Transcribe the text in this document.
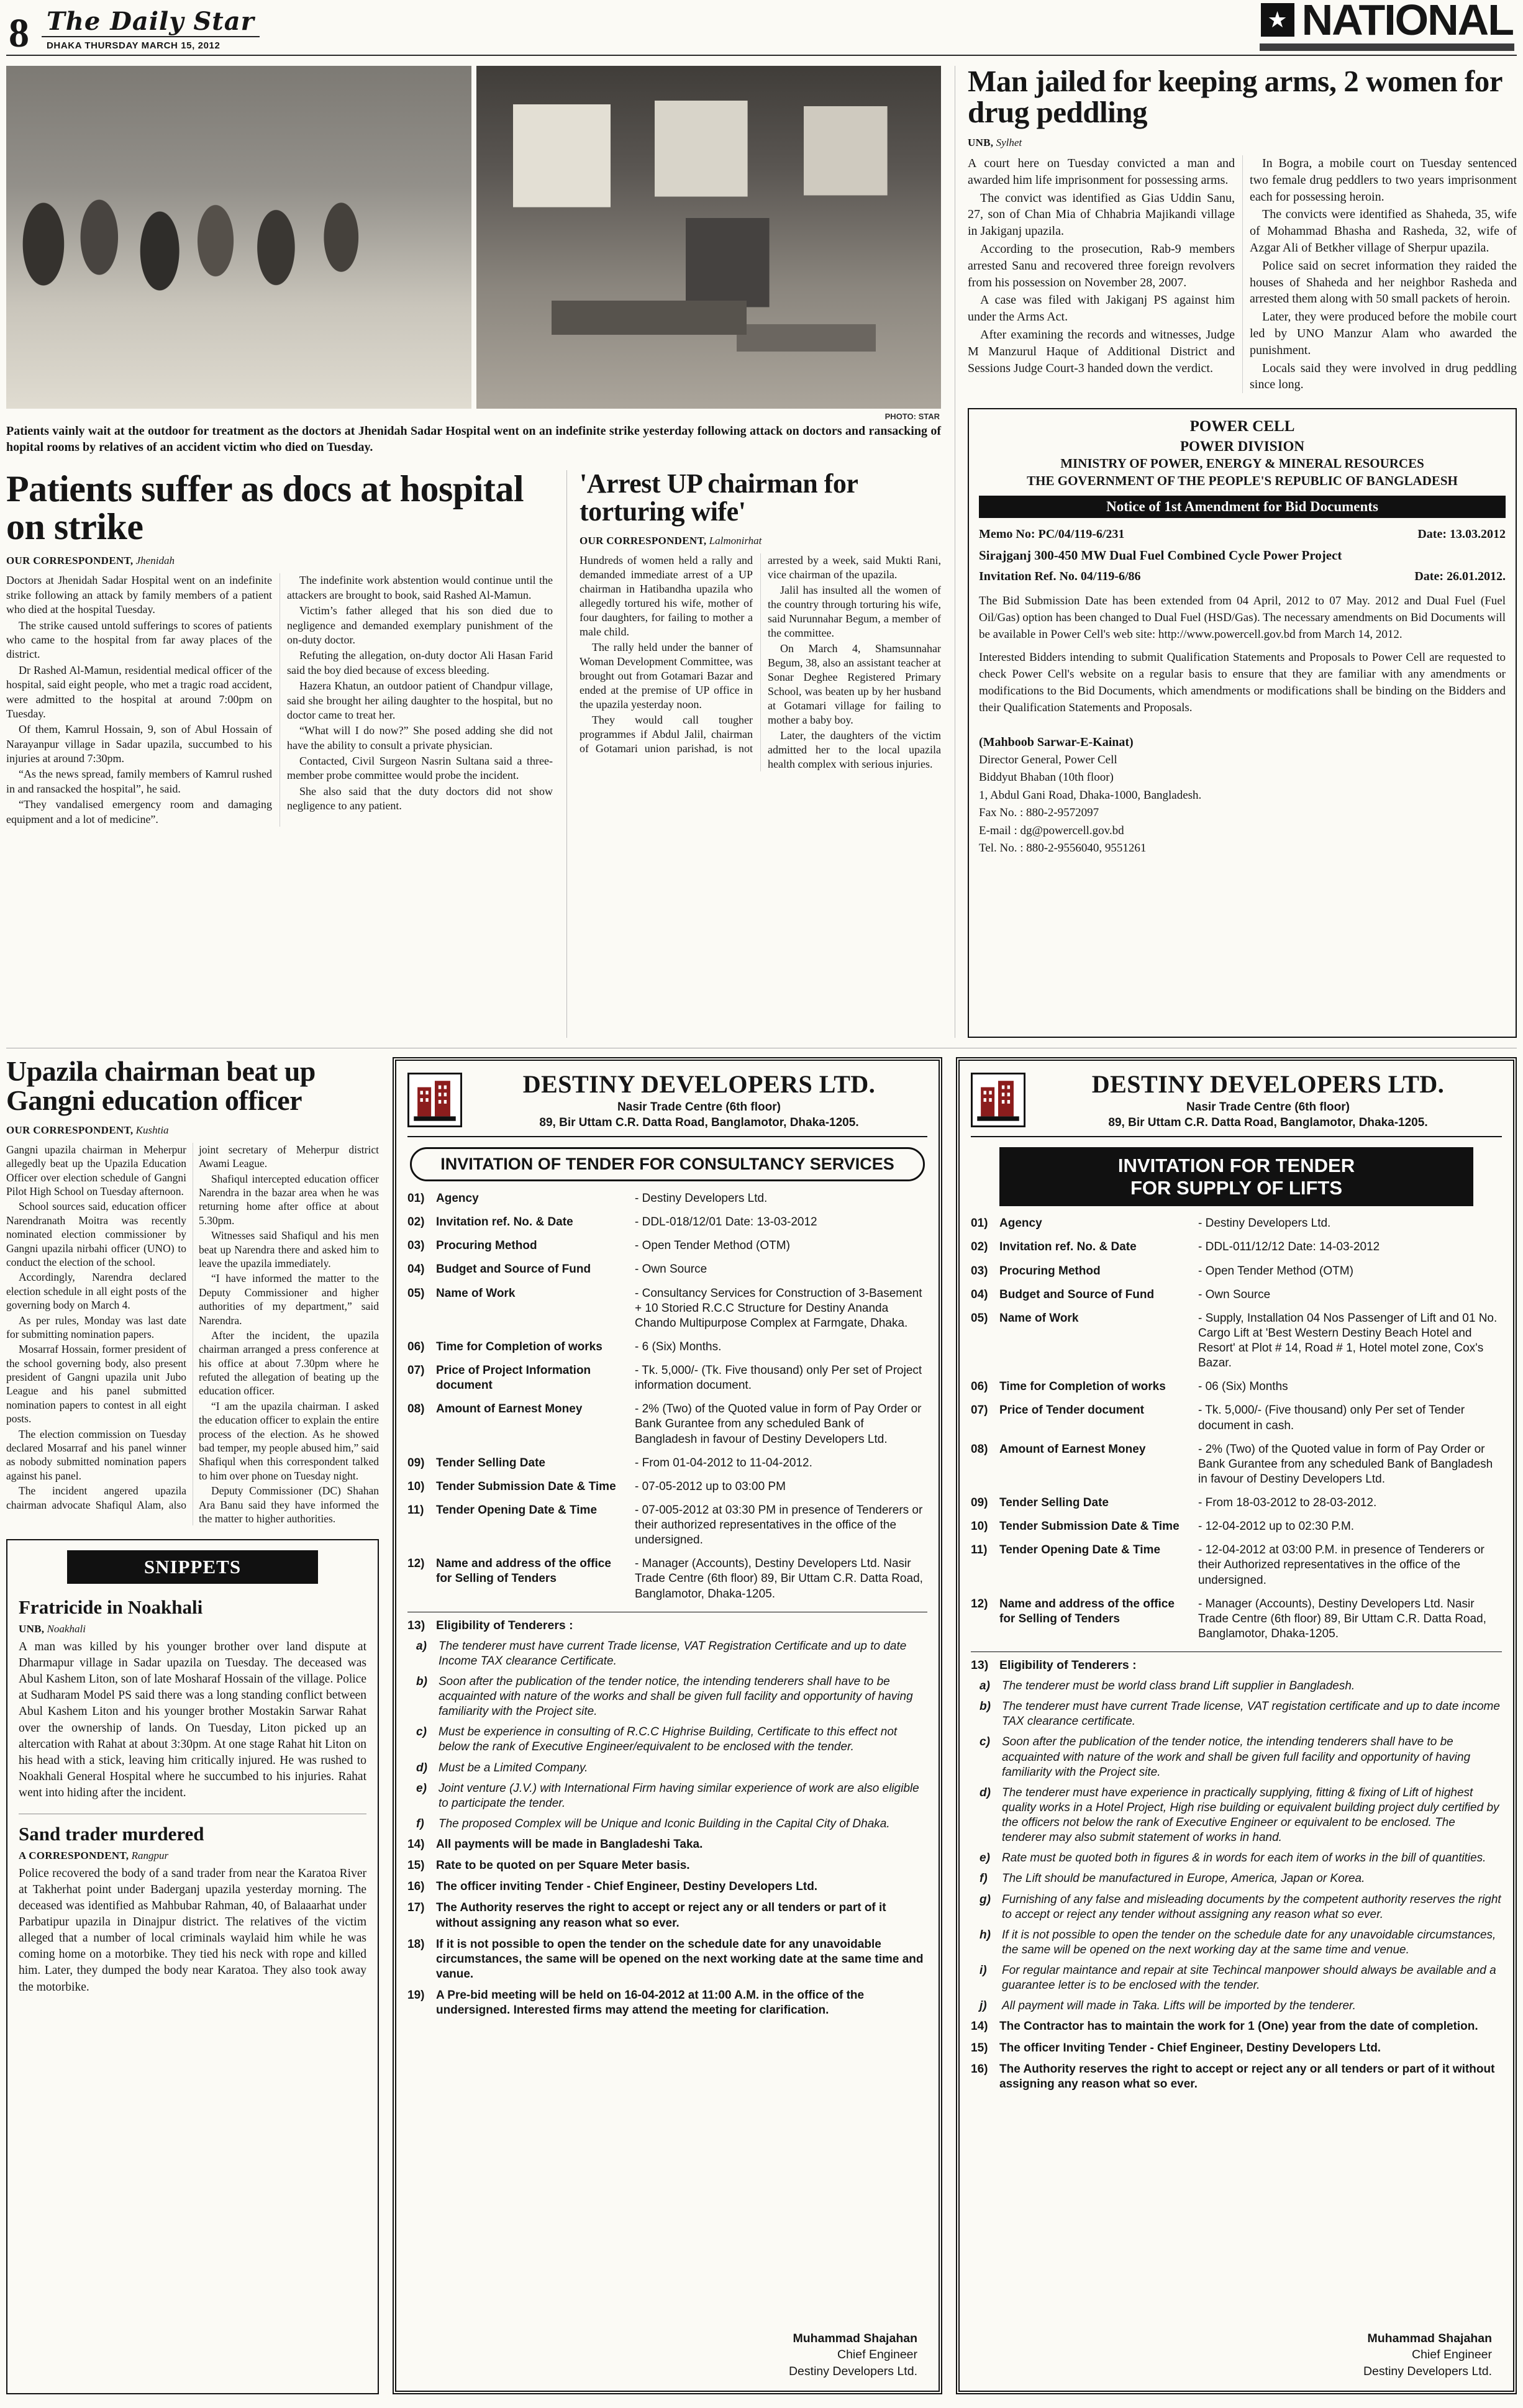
8 The Daily Star
DHAKA THURSDAY MARCH 15, 2012
★ NATIONAL
PHOTO: STAR

Patients vainly wait at the outdoor for treatment as the doctors at Jhenidah Sadar Hospital went on an indefinite strike yesterday following attack on doctors and ransacking of hopital rooms by relatives of an accident victim who died on Tuesday.

Patients suffer as docs at hospital on strike
OUR CORRESPONDENT, Jhenidah

Doctors at Jhenidah Sadar Hospital went on an indefinite strike following an attack by family members of a patient who died at the hospital Tuesday.

The strike caused untold sufferings to scores of patients who came to the hospital from far away places of the district.

Dr Rashed Al-Mamun, residential medical officer of the hospital, said eight people, who met a tragic road accident, were admitted to the hospital at around 7:00pm on Tuesday.

Of them, Kamrul Hossain, 9, son of Abul Hossain of Narayanpur village in Sadar upazila, succumbed to his injuries at around 7:30pm.

“As the news spread, family members of Kamrul rushed in and ransacked the hospital”, he said.

“They vandalised emergency room and damaging equipment and a lot of medicine”.

The indefinite work abstention would continue until the attackers are brought to book, said Rashed Al-Mamun.

Victim’s father alleged that his son died due to negligence and demanded exemplary punishment of the on-duty doctor.

Refuting the allegation, on-duty doctor Ali Hasan Farid said the boy died because of excess bleeding.

Hazera Khatun, an outdoor patient of Chandpur village, said she brought her ailing daughter to the hospital, but no doctor came to treat her.

“What will I do now?” She posed adding she did not have the ability to consult a private physician.

Contacted, Civil Surgeon Nasrin Sultana said a three-member probe committee would probe the incident.

She also said that the duty doctors did not show negligence to any patient.

'Arrest UP chairman for torturing wife'
OUR CORRESPONDENT, Lalmonirhat

Hundreds of women held a rally and demanded immediate arrest of a UP chairman in Hatibandha upazila who allegedly tortured his wife, mother of four daughters, for failing to mother a male child.

The rally held under the banner of Woman Development Committee, was brought out from Gotamari Bazar and ended at the premise of UP office in the upazila yesterday noon.

They would call tougher programmes if Abdul Jalil, chairman of Gotamari union parishad, is not arrested by a week, said Mukti Rani, vice chairman of the upazila.

Jalil has insulted all the women of the country through torturing his wife, said Nurunnahar Begum, a member of the committee.

On March 4, Shamsunnahar Begum, 38, also an assistant teacher at Sonar Deghee Registered Primary School, was beaten up by her husband at Gotamari village for failing to mother a baby boy.

Later, the daughters of the victim admitted her to the local upazila health complex with serious injuries.

Man jailed for keeping arms, 2 women for drug peddling
UNB, Sylhet

A court here on Tuesday convicted a man and awarded him life imprisonment for possessing arms.

The convict was identified as Gias Uddin Sanu, 27, son of Chan Mia of Chhabria Majikandi village in Jakiganj upazila.

According to the prosecution, Rab-9 members arrested Sanu and recovered three foreign revolvers from his possession on November 28, 2007.

A case was filed with Jakiganj PS against him under the Arms Act.

After examining the records and witnesses, Judge M Manzurul Haque of Additional District and Sessions Judge Court-3 handed down the verdict.

In Bogra, a mobile court on Tuesday sentenced two female drug peddlers to two years imprisonment each for possessing heroin.

The convicts were identified as Shaheda, 35, wife of Mohammad Bhasha and Rasheda, 32, wife of Azgar Ali of Betkher village of Sherpur upazila.

Police said on secret information they raided the houses of Shaheda and her neighbor Rasheda and arrested them along with 50 small packets of heroin.

Later, they were produced before the mobile court led by UNO Manzur Alam who awarded the punishment.

Locals said they were involved in drug peddling since long.

POWER CELL
POWER DIVISION
MINISTRY OF POWER, ENERGY & MINERAL RESOURCES
THE GOVERNMENT OF THE PEOPLE'S REPUBLIC OF BANGLADESH
Notice of 1st Amendment for Bid Documents
Memo No: PC/04/119-6/231	Date: 13.03.2012
Sirajganj 300-450 MW Dual Fuel Combined Cycle Power Project
Invitation Ref. No. 04/119-6/86	Date: 26.01.2012.

The Bid Submission Date has been extended from 04 April, 2012 to 07 May. 2012 and Dual Fuel (Fuel Oil/Gas) option has been changed to Dual Fuel (HSD/Gas). The necessary amendments on Bid Documents will be available in Power Cell's web site: http://www.powercell.gov.bd from March 14, 2012.

Interested Bidders intending to submit Qualification Statements and Proposals to Power Cell are requested to check Power Cell's website on a regular basis to ensure that they are familiar with any amendments or modifications to the Bid Documents, which amendments or modifications shall be binding on the Bidders and their Qualification Statements and Proposals.

(Mahboob Sarwar-E-Kainat)
Director General, Power Cell
Biddyut Bhaban (10th floor)
1, Abdul Gani Road, Dhaka-1000, Bangladesh.
Fax No. : 880-2-9572097
E-mail : dg@powercell.gov.bd
Tel. No. : 880-2-9556040, 9551261
Upazila chairman beat up Gangni education officer
OUR CORRESPONDENT, Kushtia

Gangni upazila chairman in Meherpur allegedly beat up the Upazila Education Officer over election schedule of Gangni Pilot High School on Tuesday afternoon.

School sources said, education officer Narendranath Moitra was recently nominated election commissioner by Gangni upazila nirbahi officer (UNO) to conduct the election of the school.

Accordingly, Narendra declared election schedule in all eight posts of the governing body on March 4.

As per rules, Monday was last date for submitting nomination papers.

Mosarraf Hossain, former president of the school governing body, also present president of Gangni upazila unit Jubo League and his panel submitted nomination papers to contest in all eight posts.

The election commission on Tuesday declared Mosarraf and his panel winner as nobody submitted nomination papers against his panel.

The incident angered upazila chairman advocate Shafiqul Alam, also joint secretary of Meherpur district Awami League.

Shafiqul intercepted education officer Narendra in the bazar area when he was returning home after office at about 5.30pm.

Witnesses said Shafiqul and his men beat up Narendra there and asked him to leave the upazila immediately.

“I have informed the matter to the Deputy Commissioner and higher authorities of my department,” said Narendra.

After the incident, the upazila chairman arranged a press conference at his office at about 7.30pm where he refuted the allegation of beating up the education officer.

“I am the upazila chairman. I asked the education officer to explain the entire process of the election. As he showed bad temper, my people abused him,” said Shafiqul when this correspondent talked to him over phone on Tuesday night.

Deputy Commissioner (DC) Shahan Ara Banu said they have informed the the matter to higher authorities.

SNIPPETS
Fratricide in Noakhali
UNB, Noakhali

A man was killed by his younger brother over land dispute at Dharmapur village in Sadar upazila on Tuesday. The deceased was Abul Kashem Liton, son of late Mosharaf Hossain of the village. Police at Sudharam Model PS said there was a long standing conflict between Abul Kashem Liton and his younger brother Mostakin Sarwar Rahat over the ownership of lands. On Tuesday, Liton picked up an altercation with Rahat at about 3:30pm. At one stage Rahat hit Liton on his head with a stick, leaving him critically injured. He was rushed to Noakhali General Hospital where he succumbed to his injuries. Rahat went into hiding after the incident.

Sand trader murdered
A CORRESPONDENT, Rangpur

Police recovered the body of a sand trader from near the Karatoa River at Takherhat point under Baderganj upazila yesterday morning. The deceased was identified as Mahbubar Rahman, 40, of Balaaarhat under Parbatipur upazila in Dinajpur district. The relatives of the victim alleged that a number of local criminals waylaid him while he was coming home on a motorbike. They tied his neck with rope and killed him. Later, they dumped the body near Karatoa. They also took away the motorbike.

DESTINY DEVELOPERS LTD.
Nasir Trade Centre (6th floor)
89, Bir Uttam C.R. Datta Road, Banglamotor, Dhaka-1205.
INVITATION OF TENDER FOR CONSULTANCY SERVICES
01) Agency	- Destiny Developers Ltd.
02) Invitation ref. No. & Date	- DDL-018/12/01 Date: 13-03-2012
03) Procuring Method	- Open Tender Method (OTM)
04) Budget and Source of Fund	- Own Source
05) Name of Work	- Consultancy Services for Construction of 3-Basement + 10 Storied R.C.C Structure for Destiny Ananda Chando Multipurpose Complex at Farmgate, Dhaka.
06) Time for Completion of works	- 6 (Six) Months.
07) Price of Project Information document
- Tk. 5,000/- (Tk. Five thousand) only Per set of Project information document.
08) Amount of Earnest Money	- 2% (Two) of the Quoted value in form of Pay Order or Bank Gurantee from any scheduled Bank of Bangladesh in favour of Destiny Developers Ltd.
09) Tender Selling Date	- From 01-04-2012 to 11-04-2012.
10) Tender Submission Date & Time	- 07-05-2012 up to 03:00 PM
11)	Tender Opening Date & Time	- 07-005-2012 at 03:30 PM in presence of Tenderers or their authorized representatives in the office of the undersigned.
12) Name and address of the office for Selling of Tenders
- Manager (Accounts), Destiny Developers Ltd. Nasir Trade Centre (6th floor) 89, Bir Uttam C.R. Datta Road, Banglamotor, Dhaka-1205.
13) Eligibility of Tenderers :
a)	The tenderer must have current Trade license, VAT Registration Certificate and up to date Income TAX clearance Certificate.
b) Soon after the publication of the tender notice, the intending tenderers shall have to be acquainted with nature of the works and shall be given full facility and opportunity of having familiarity with the Project site.
c)	Must be experience in consulting of R.C.C Highrise Building, Certificate to this effect not below the rank of Executive Engineer/equivalent to be enclosed with the tender.
d) Must be a Limited Company.
e)	Joint venture (J.V.) with International Firm having similar experience of work are also eligible to participate the tender.
f)	The proposed Complex will be Unique and Iconic Building in the Capital City of Dhaka.
14) All payments will be made in Bangladeshi Taka.
15) Rate to be quoted on per Square Meter basis.
16) The officer inviting Tender - Chief Engineer, Destiny Developers Ltd.
17) The Authority reserves the right to accept or reject any or all tenders or part of it without assigning any reason what so ever.
18) If it is not possible to open the tender on the schedule date for any unavoidable circumstances, the same will be opened on the next working date at the same time and vanue.
19) A Pre-bid meeting will be held on 16-04-2012 at 11:00 A.M. in the office of the undersigned. Interested firms may attend the meeting for clarification.
Muhammad Shajahan
Chief Engineer
Destiny Developers Ltd.
DESTINY DEVELOPERS LTD.
Nasir Trade Centre (6th floor)
89, Bir Uttam C.R. Datta Road, Banglamotor, Dhaka-1205.
INVITATION FOR TENDER
FOR SUPPLY OF LIFTS
01) Agency	- Destiny Developers Ltd.
02) Invitation ref. No. & Date	- DDL-011/12/12 Date: 14-03-2012
03) Procuring Method	- Open Tender Method (OTM)
04) Budget and Source of Fund	- Own Source
05) Name of Work	- Supply, Installation 04 Nos Passenger of Lift and 01 No. Cargo Lift at 'Best Western Destiny Beach Hotel and Resort' at Plot # 14, Road # 1, Hotel motel zone, Cox's Bazar.
06) Time for Completion of works	- 06 (Six) Months
07) Price of Tender document	- Tk. 5,000/- (Five thousand) only Per set of Tender document in cash.
08) Amount of Earnest Money	- 2% (Two) of the Quoted value in form of Pay Order or Bank Gurantee from any scheduled Bank of Bangladesh in favour of Destiny Developers Ltd.
09) Tender Selling Date	- From 18-03-2012 to 28-03-2012.
10) Tender Submission Date & Time	- 12-04-2012 up to 02:30 P.M.
11)	Tender Opening Date & Time	- 12-04-2012 at 03:00 P.M. in presence of Tenderers or their Authorized representatives in the office of the undersigned.
12) Name and address of the office for Selling of Tenders
- Manager (Accounts), Destiny Developers Ltd. Nasir Trade Centre (6th floor) 89, Bir Uttam C.R. Datta Road, Banglamotor, Dhaka-1205.
13) Eligibility of Tenderers :
a)	The tenderer must be world class brand Lift supplier in Bangladesh.
b) The tenderer must have current Trade license, VAT registation certificate and up to date income TAX clearance certificate.
c)	Soon after the publication of the tender notice, the intending tenderers shall have to be acquainted with nature of the work and shall be given full facility and opportunity of having familiarity with the Project site.
d) The tenderer must have experience in practically supplying, fitting & fixing of Lift of highest quality works in a Hotel Project, High rise building or equivalent building project duly certified by the officers not below the rank of Executive Engineer or equivalent to be enclosed. The tenderer may also submit statement of works in hand.
e)	Rate must be quoted both in figures & in words for each item of works in the bill of quantities.
f)	The Lift should be manufactured in Europe, America, Japan or Korea.
g) Furnishing of any false and misleading documents by the competent authority reserves the right to accept or reject any tender without assigning any reason what so ever.
h) If it is not possible to open the tender on the schedule date for any unavoidable circumstances, the same will be opened on the next working day at the same time and venue.
i)	For regular maintance and repair at site Techincal manpower should always be available and a guarantee letter is to be enclosed with the tender.
j)	All payment will made in Taka. Lifts will be imported by the tenderer.
14) The Contractor has to maintain the work for 1 (One) year from the date of completion.
15) The officer Inviting Tender - Chief Engineer, Destiny Developers Ltd.
16) The Authority reserves the right to accept or reject any or all tenders or part of it without assigning any reason what so ever.
Muhammad Shajahan
Chief Engineer
Destiny Developers Ltd.
